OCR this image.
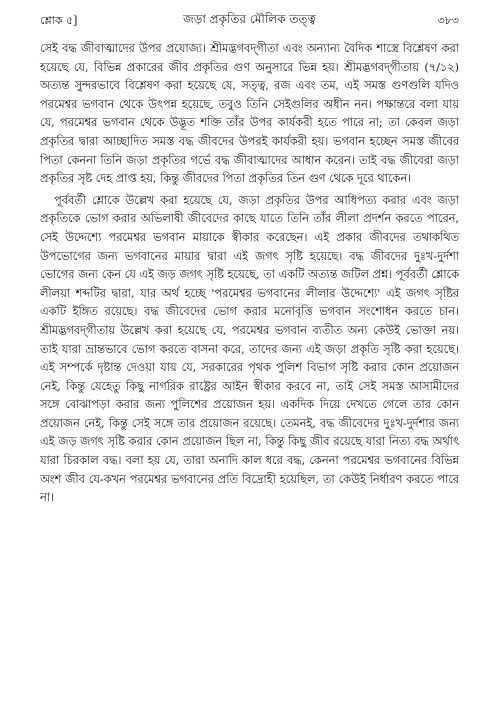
শ্লোক ৫]	জড়া প্রকৃতির মৌলিক তত্ত্ব	৩৮৩

সেই বদ্ধ জীবাত্মাদের উপর প্রযোজ্য। শ্রীমদ্ভগবদ্‌গীতা এবং অন্যান্য বৈদিক শাস্ত্রে বিশ্লেষণ করা হয়েছে যে, বিভিন্ন প্রকারের জীব প্রকৃতির গুণ অনুসারে ভিন্ন হয়। শ্রীমদ্ভগবদ্‌গীতায় (৭/১২) অত্যন্ত সুন্দরভাবে বিশ্লেষণ করা হয়েছে যে, সত্ত্ব, রজ এবং তম, এই সমস্ত গুণগুলি যদিও পরমেশ্বর ভগবান থেকে উৎপন্ন হয়েছে, তবুও তিনি সেইগুলির অধীন নন। পক্ষান্তরে বলা যায় যে, পরমেশ্বর ভগবান থেকে উদ্ভূত শক্তি তাঁর উপর কার্যকরী হতে পারে না; তা কেবল জড়া প্রকৃতির দ্বারা আচ্ছাদিত সমস্ত বদ্ধ জীবদের উপরই কার্যকরী হয়। ভগবান হচ্ছেন সমস্ত জীবের পিতা কেননা তিনি জড়া প্রকৃতির গর্ভে বদ্ধ জীবাত্মাদের আধান করেন। তাই বদ্ধ জীবেরা জড়া প্রকৃতির সৃষ্ট দেহ প্রাপ্ত হয়, কিন্তু জীবদের পিতা প্রকৃতির তিন গুণ থেকে দূরে থাকেন।

পূর্ববর্তী শ্লোকে উল্লেখ করা হয়েছে যে, জড়া প্রকৃতির উপর আধিপত্য করার এবং জড়া প্রকৃতিকে ভোগ করার অভিলাষী জীবেদের কাছে যাতে তিনি তাঁর লীলা প্রদর্শন করতে পারেন, সেই উদ্দেশ্যে পরমেশ্বর ভগবান মায়াকে স্বীকার করেছেন। এই প্রকার জীবদের তথাকথিত উপভোগের জন্য ভগবানের মায়ার দ্বারা এই জগৎ সৃষ্টি হয়েছে। বদ্ধ জীবদের দুঃখ-দুর্দশা ভোগের জন্য কেন যে এই জড় জগৎ সৃষ্টি হয়েছে, তা একটি অত্যন্ত জটিল প্রশ্ন। পূর্ববর্তী শ্লোকে লীলয়া শব্দটির দ্বারা, যার অর্থ হচ্ছে 'পরমেশ্বর ভগবানের লীলার উদ্দেশ্যে' এই জগৎ সৃষ্টির একটি ইঙ্গিত রয়েছে। বদ্ধ জীবেদের ভোগ করার মনোবৃত্তি ভগবান সংশোধন করতে চান। শ্রীমদ্ভগবদ্‌গীতায় উল্লেখ করা হয়েছে যে, পরমেশ্বর ভগবান ব্যতীত অন্য কেউই ভোক্তা নয়। তাই যারা ভ্রান্তভাবে ভোগ করতে বাসনা করে, তাদের জন্য এই জড়া প্রকৃতি সৃষ্টি করা হয়েছে। এই সম্পর্কে দৃষ্টান্ত দেওয়া যায় যে, সরকারের পৃথক পুলিশ বিভাগ সৃষ্টি করার কোন প্রয়োজন নেই, কিন্তু যেহেতু কিছু নাগরিক রাষ্ট্রের আইন স্বীকার করবে না, তাই সেই সমস্ত আসামীদের সঙ্গে বোঝাপড়া করার জন্য পুলিশের প্রয়োজন হয়। একদিক দিয়ে দেখতে গেলে তার কোন প্রয়োজন নেই, কিন্তু সেই সঙ্গে তার প্রয়োজন রয়েছে। তেমনই, বদ্ধ জীবেদের দুঃখ-দুর্দশার জন্য এই জড় জগৎ সৃষ্টি করার কোন প্রয়োজন ছিল না, কিন্তু কিছু জীব রয়েছে যারা নিত্য বদ্ধ অর্থাৎ যারা চিরকাল বদ্ধ। বলা হয় যে, তারা অনাদি কাল ধরে বদ্ধ, কেননা পরমেশ্বর ভগবানের বিভিন্ন অংশ জীব যে-কখন পরমেশ্বর ভগবানের প্রতি বিদ্রোহী হয়েছিল, তা কেউই নির্ধারণ করতে পারে না।
